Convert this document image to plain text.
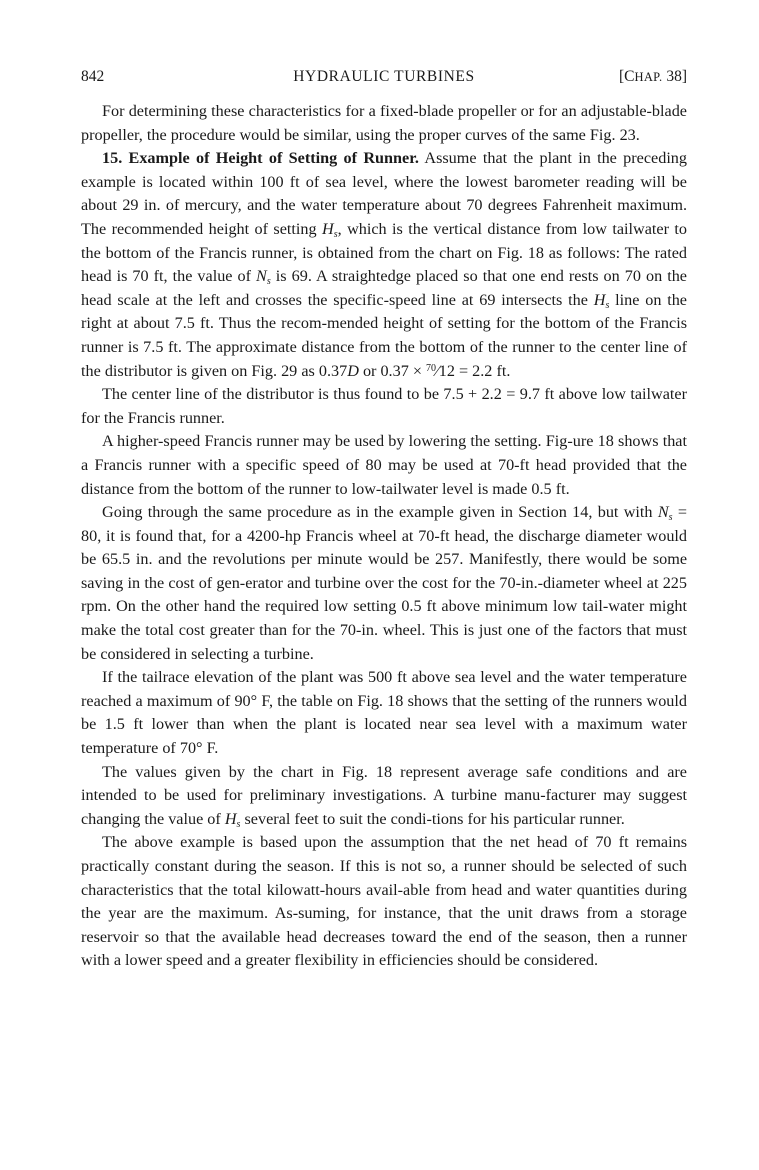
842	HYDRAULIC TURBINES	[CHAP. 38]

For determining these characteristics for a fixed-blade propeller or for an adjustable-blade propeller, the procedure would be similar, using the proper curves of the same Fig. 23.

15. Example of Height of Setting of Runner. Assume that the plant in the preceding example is located within 100 ft of sea level, where the lowest barometer reading will be about 29 in. of mercury, and the water temperature about 70 degrees Fahrenheit maximum. The recommended height of setting $H_s$, which is the vertical distance from low tailwater to the bottom of the Francis runner, is obtained from the chart on Fig. 18 as follows: The rated head is 70 ft, the value of $N_s$ is 69. A straightedge placed so that one end rests on 70 on the head scale at the left and crosses the specific-speed line at 69 intersects the $H_s$ line on the right at about 7.5 ft. Thus the recom-mended height of setting for the bottom of the Francis runner is 7.5 ft. The approximate distance from the bottom of the runner to the center line of the distributor is given on Fig. 29 as 0.37D or 0.37 × $^{70}$⁄12 = 2.2 ft.

The center line of the distributor is thus found to be 7.5 + 2.2 = 9.7 ft above low tailwater for the Francis runner.

A higher-speed Francis runner may be used by lowering the setting. Fig-ure 18 shows that a Francis runner with a specific speed of 80 may be used at 70-ft head provided that the distance from the bottom of the runner to low-tailwater level is made 0.5 ft.

Going through the same procedure as in the example given in Section 14, but with $N_s = 80$, it is found that, for a 4200-hp Francis wheel at 70-ft head, the discharge diameter would be 65.5 in. and the revolutions per minute would be 257. Manifestly, there would be some saving in the cost of gen-erator and turbine over the cost for the 70-in.-diameter wheel at 225 rpm. On the other hand the required low setting 0.5 ft above minimum low tail-water might make the total cost greater than for the 70-in. wheel. This is just one of the factors that must be considered in selecting a turbine.

If the tailrace elevation of the plant was 500 ft above sea level and the water temperature reached a maximum of 90° F, the table on Fig. 18 shows that the setting of the runners would be 1.5 ft lower than when the plant is located near sea level with a maximum water temperature of 70° F.

The values given by the chart in Fig. 18 represent average safe conditions and are intended to be used for preliminary investigations. A turbine manu-facturer may suggest changing the value of $H_s$ several feet to suit the condi-tions for his particular runner.

The above example is based upon the assumption that the net head of 70 ft remains practically constant during the season. If this is not so, a runner should be selected of such characteristics that the total kilowatt-hours avail-able from head and water quantities during the year are the maximum. As-suming, for instance, that the unit draws from a storage reservoir so that the available head decreases toward the end of the season, then a runner with a lower speed and a greater flexibility in efficiencies should be considered.
